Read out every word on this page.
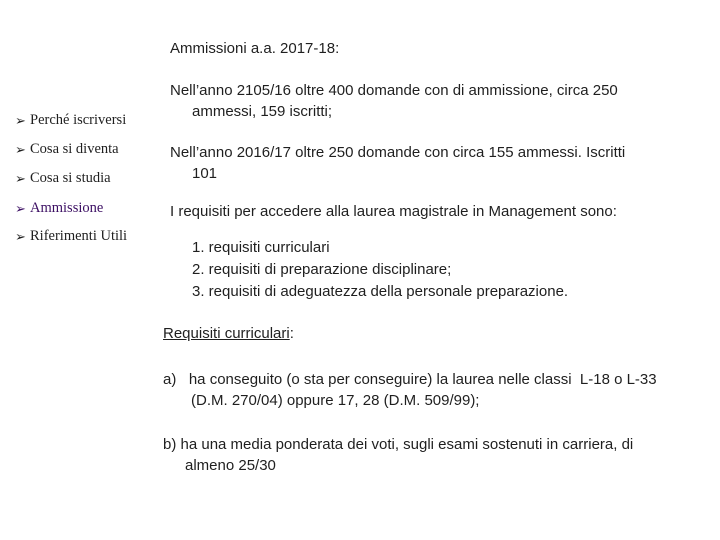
Ammissioni a.a. 2017-18:
➢ Perché iscriversi
➢ Cosa si diventa
➢ Cosa si studia
➢ Ammissione
➢ Riferimenti Utili
Nell’anno 2105/16 oltre 400 domande con di ammissione, circa 250
ammessi, 159 iscritti;
Nell’anno 2016/17 oltre 250 domande con circa 155 ammessi. Iscritti
101
I requisiti per accedere alla laurea magistrale in Management sono:
1. requisiti curriculari
2. requisiti di preparazione disciplinare;
3. requisiti di adeguatezza della personale preparazione.
Requisiti curriculari:
a)   ha conseguito (o sta per conseguire) la laurea nelle classi  L-18 o L-33
(D.M. 270/04) oppure 17, 28 (D.M. 509/99);
b) ha una media ponderata dei voti, sugli esami sostenuti in carriera, di
almeno 25/30
